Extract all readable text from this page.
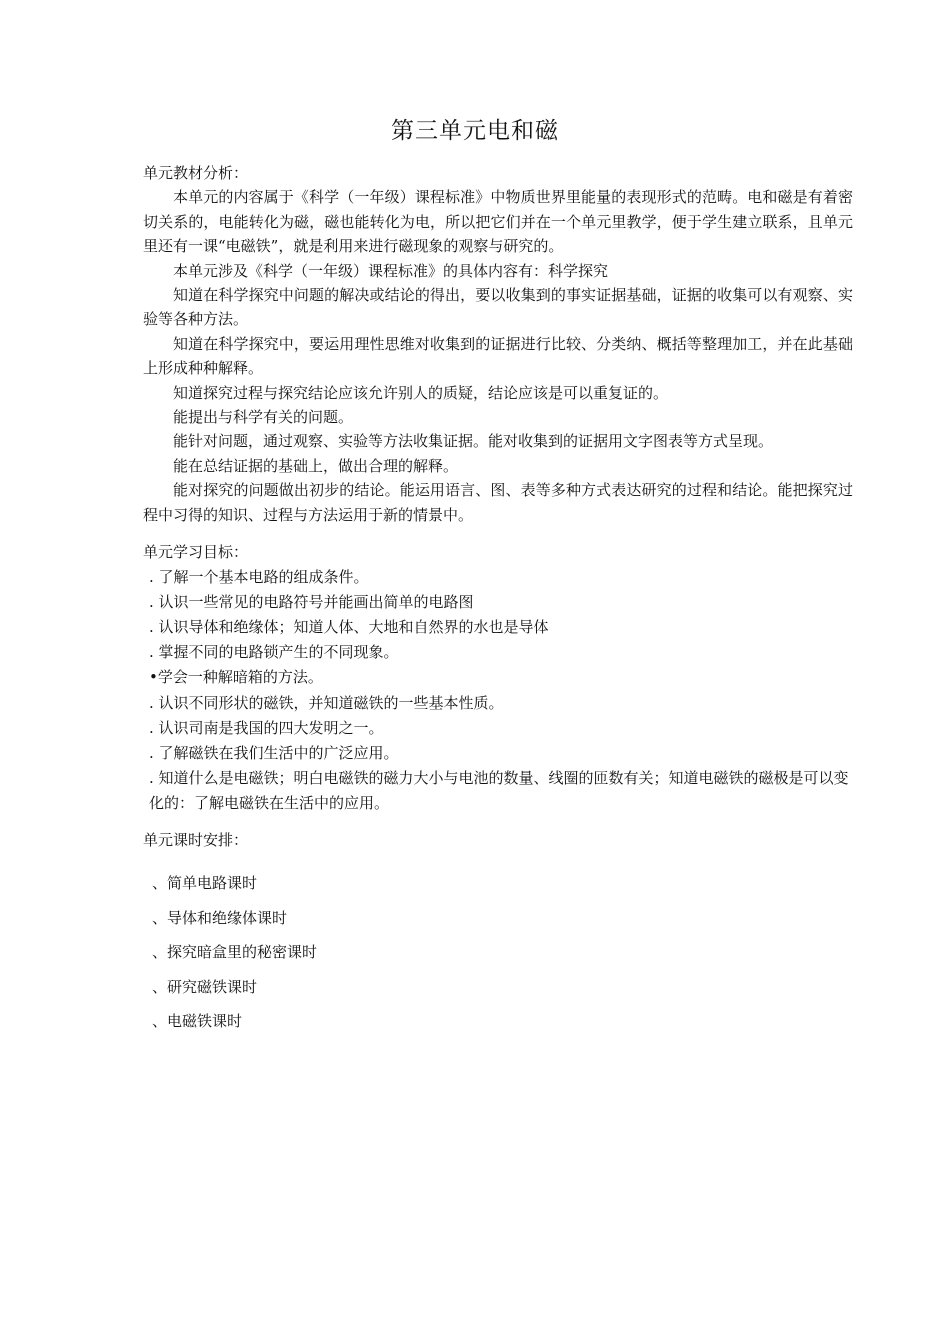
第三单元电和磁

单元教材分析：

本单元的内容属于《科学（一年级）课程标准》中物质世界里能量的表现形式的范畴。电和磁是有着密切关系的，电能转化为磁，磁也能转化为电，所以把它们并在一个单元里教学，便于学生建立联系，且单元里还有一课“电磁铁”，就是利用来进行磁现象的观察与研究的。

本单元涉及《科学（一年级）课程标准》的具体内容有：科学探究

知道在科学探究中问题的解决或结论的得出，要以收集到的事实证据基础，证据的收集可以有观察、实验等各种方法。

知道在科学探究中，要运用理性思维对收集到的证据进行比较、分类纳、概括等整理加工，并在此基础上形成种种解释。

知道探究过程与探究结论应该允许别人的质疑，结论应该是可以重复证的。

能提出与科学有关的问题。

能针对问题，通过观察、实验等方法收集证据。能对收集到的证据用文字图表等方式呈现。

能在总结证据的基础上，做出合理的解释。

能对探究的问题做出初步的结论。能运用语言、图、表等多种方式表达研究的过程和结论。能把探究过程中习得的知识、过程与方法运用于新的情景中。

单元学习目标：

. 了解一个基本电路的组成条件。
. 认识一些常见的电路符号并能画出简单的电路图
. 认识导体和绝缘体；知道人体、大地和自然界的水也是导体
. 掌握不同的电路锁产生的不同现象。
•学会一种解暗箱的方法。
. 认识不同形状的磁铁，并知道磁铁的一些基本性质。
. 认识司南是我国的四大发明之一。
. 了解磁铁在我们生活中的广泛应用。
. 知道什么是电磁铁；明白电磁铁的磁力大小与电池的数量、线圈的匝数有关；知道电磁铁的磁极是可以变化的：了解电磁铁在生活中的应用。

单元课时安排：

、简单电路课时
、导体和绝缘体课时
、探究暗盒里的秘密课时
、研究磁铁课时
、电磁铁课时
